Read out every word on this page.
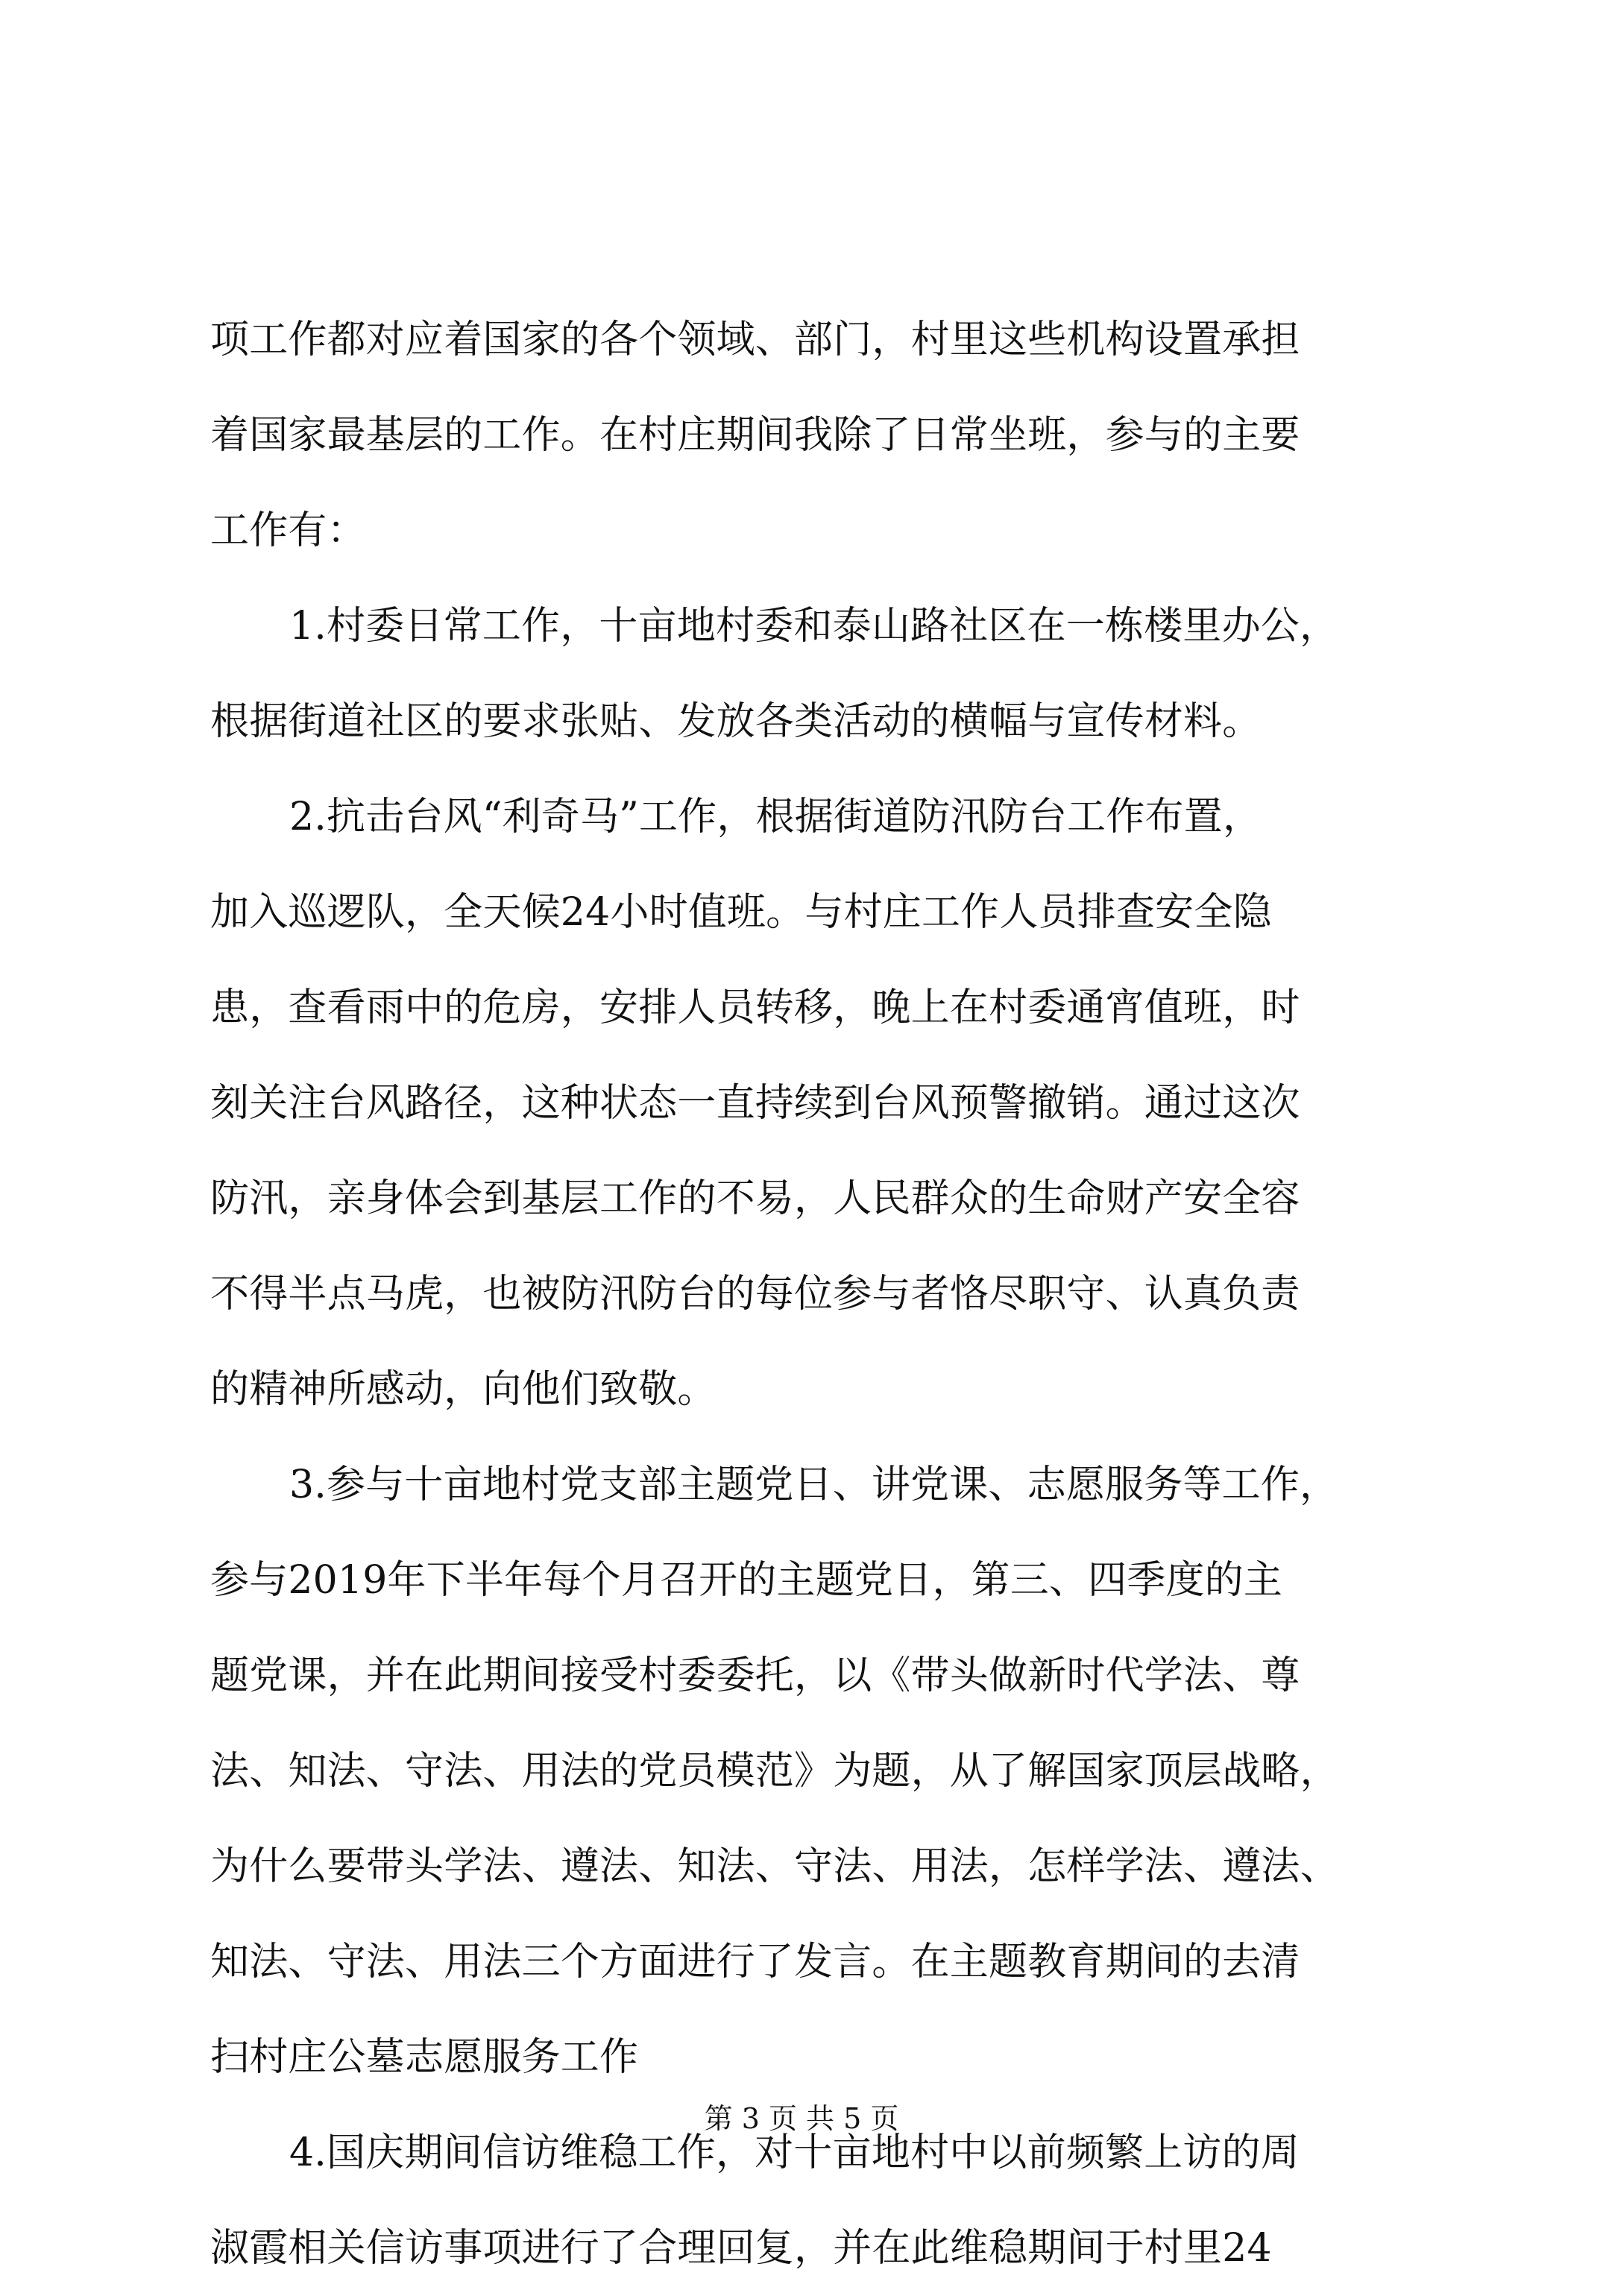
项工作都对应着国家的各个领域、部门，村里这些机构设置承担
着国家最基层的工作。在村庄期间我除了日常坐班，参与的主要
工作有：
1.村委日常工作，十亩地村委和泰山路社区在一栋楼里办公，
根据街道社区的要求张贴、发放各类活动的横幅与宣传材料。
2.抗击台风“利奇马”工作，根据街道防汛防台工作布置，
加入巡逻队，全天候24小时值班。与村庄工作人员排查安全隐
患，查看雨中的危房，安排人员转移，晚上在村委通宵值班，时
刻关注台风路径，这种状态一直持续到台风预警撤销。通过这次
防汛，亲身体会到基层工作的不易，人民群众的生命财产安全容
不得半点马虎，也被防汛防台的每位参与者恪尽职守、认真负责
的精神所感动，向他们致敬。
3.参与十亩地村党支部主题党日、讲党课、志愿服务等工作，
参与2019年下半年每个月召开的主题党日，第三、四季度的主
题党课，并在此期间接受村委委托，以《带头做新时代学法、尊
法、知法、守法、用法的党员模范》为题，从了解国家顶层战略，
为什么要带头学法、遵法、知法、守法、用法，怎样学法、遵法、
知法、守法、用法三个方面进行了发言。在主题教育期间的去清
扫村庄公墓志愿服务工作
4.国庆期间信访维稳工作，对十亩地村中以前频繁上访的周
淑霞相关信访事项进行了合理回复，并在此维稳期间于村里24
第 3 页 共 5 页
